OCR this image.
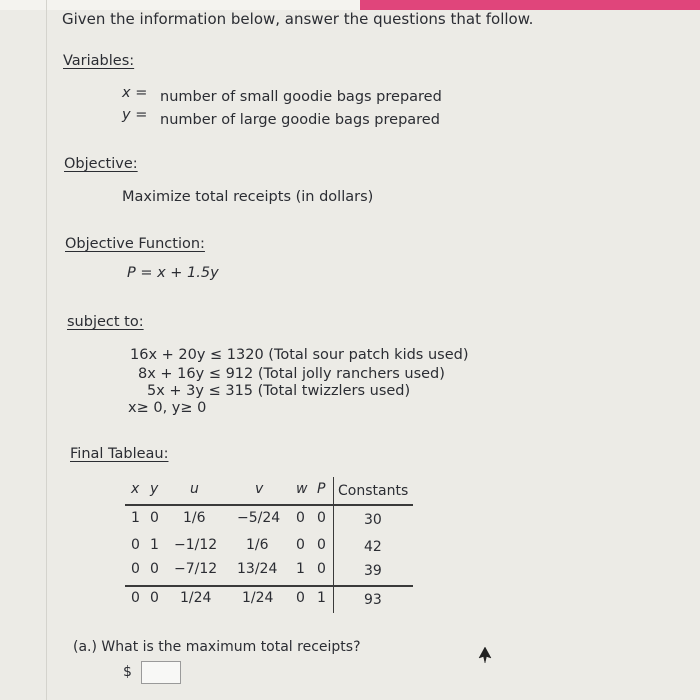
Given the information below, answer the questions that follow.
Variables:
x = number of small goodie bags prepared
y = number of large goodie bags prepared
Objective:
Maximize total receipts (in dollars)
Objective Function:
P = x + 1.5y
subject to:
16x + 20y ≤ 1320 (Total sour patch kids used)
8x + 16y ≤ 912 (Total jolly ranchers used)
5x + 3y ≤ 315 (Total twizzlers used)
x≥ 0, y≥ 0
Final Tableau:
x y u	v w P Constants
1 0 1/6 −5/24 0 0	30
0 1 −1/12 1/6 0 0	42
0 0 −7/12 13/24 1 0	39
0 0 1/24 1/24 0 1	93
(a.) What is the maximum total receipts?
$
